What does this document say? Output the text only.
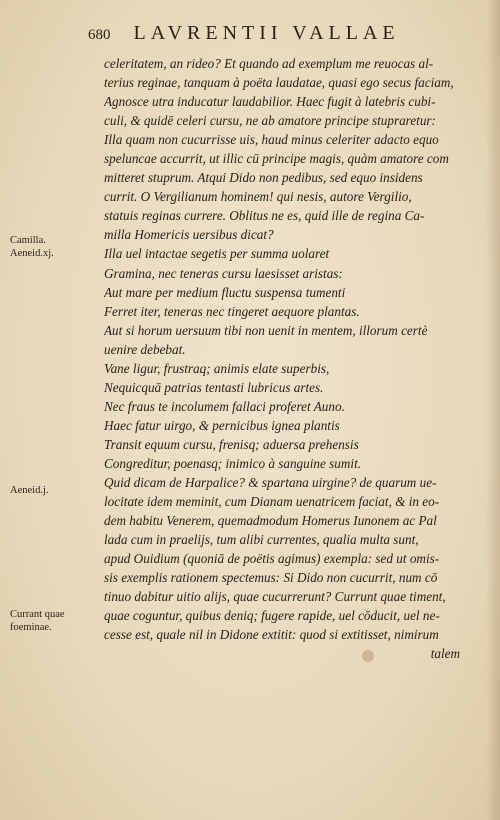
680 LAVRENTII VALLAE
Camilla. Aeneid.xj.
Aeneid.j.
Currant quae foeminae.
celeritatem, an rideo? Et quando ad exemplum me reuocas al-
terius reginae, tanquam à poëta laudatae, quasi ego secus faciam,
Agnosce utra inducatur laudabilior. Haec fugit à latebris cubi-
culi, & quidē celeri cursu, ne ab amatore principe stupraretur:
Illa quam non cucurrisse uis, haud minus celeriter adacto equo
speluncae accurrit, ut illic cū principe magis, quàm amatore com
mitteret stuprum. Atqui Dido non pedibus, sed equo insidens
currit. O Vergilianum hominem! qui nesis, autore Vergilio,
statuis reginas currere. Oblitus ne es, quid ille de regina Ca-
milla Homericis uersibus dicat?
Illa uel intactae segetis per summa uolaret
Gramina, nec teneras cursu laesisset aristas:
Aut mare per medium fluctu suspensa tumenti
Ferret iter, teneras nec tingeret aequore plantas.
Aut si horum uersuum tibi non uenit in mentem, illorum certè
uenire debebat.
Vane ligur, frustraq; animis elate superbis,
Nequicquā patrias tentasti lubricus artes.
Nec fraus te incolumem fallaci proferet Auno.
Haec fatur uirgo, & pernicibus ignea plantis
Transit equum cursu, frenisq; aduersa prehensis
Congreditur, poenasq; inimico à sanguine sumit.
Quid dicam de Harpalice? & spartana uirgine? de quarum ue-
locitate idem meminit, cum Dianam uenatricem faciat, & in eo-
dem habitu Venerem, quemadmodum Homerus Iunonem ac Pal
lada cum in praelijs, tum alibi currentes, qualia multa sunt,
apud Ouidium (quoniā de poëtis agimus) exempla: sed ut omis-
sis exemplis rationem spectemus: Si Dido non cucurrit, num cō
tinuo dabitur uitio alijs, quae cucurrerunt? Currunt quae timent,
quae coguntur, quibus deniq; fugere rapide, uel cōducit, uel ne-
cesse est, quale nil in Didone extitit: quod si extitisset, nimirum
talem
